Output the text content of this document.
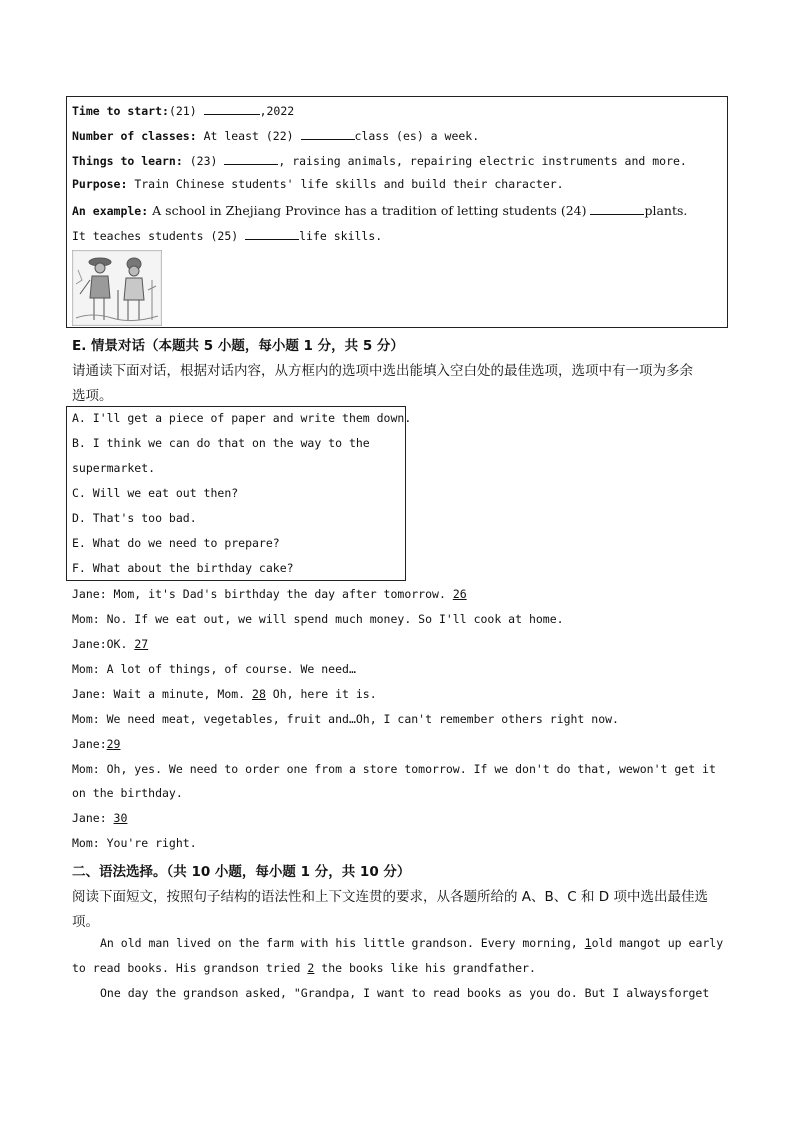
Time to start:(21)	,2022
Number of classes: At least (22)	class (es) a week.
Things to learn: (23)	, raising animals, repairing electric instruments and more.
Purpose: Train Chinese students' life skills and build their character.
An example: A school in Zhejiang Province has a tradition of letting students (24)	plants.
It teaches students (25)	life skills.
E. 情景对话（本题共 5 小题，每小题 1 分，共 5 分）
请通读下面对话，根据对话内容，从方框内的选项中选出能填入空白处的最佳选项，选项中有一项为多余
选项。
A. I'll get a piece of paper and write them down.
B. I think we can do that on the way to the
supermarket.
C. Will we eat out then?
D. That's too bad.
E. What do we need to prepare?
F. What about the birthday cake?
Jane: Mom, it's Dad's birthday the day after tomorrow. 26
Mom: No. If we eat out, we will spend much money. So I'll cook at home.
Jane:OK. 27
Mom: A lot of things, of course. We need…
Jane: Wait a minute, Mom. 28 Oh, here it is.
Mom: We need meat, vegetables, fruit and…Oh, I can't remember others right now.
Jane:29
Mom: Oh, yes. We need to order one from a store tomorrow. If we don't do that, wewon't get it
on the birthday.
Jane: 30
Mom: You're right.
二、语法选择。（共 10 小题，每小题 1 分，共 10 分）
阅读下面短文，按照句子结构的语法性和上下文连贯的要求，从各题所给的 A、B、C 和 D 项中选出最佳选
项。
An old man lived on the farm with his little grandson. Every morning, 1old mangot up early
to read books. His grandson tried 2 the books like his grandfather.
One day the grandson asked, "Grandpa, I want to read books as you do. But I alwaysforget
